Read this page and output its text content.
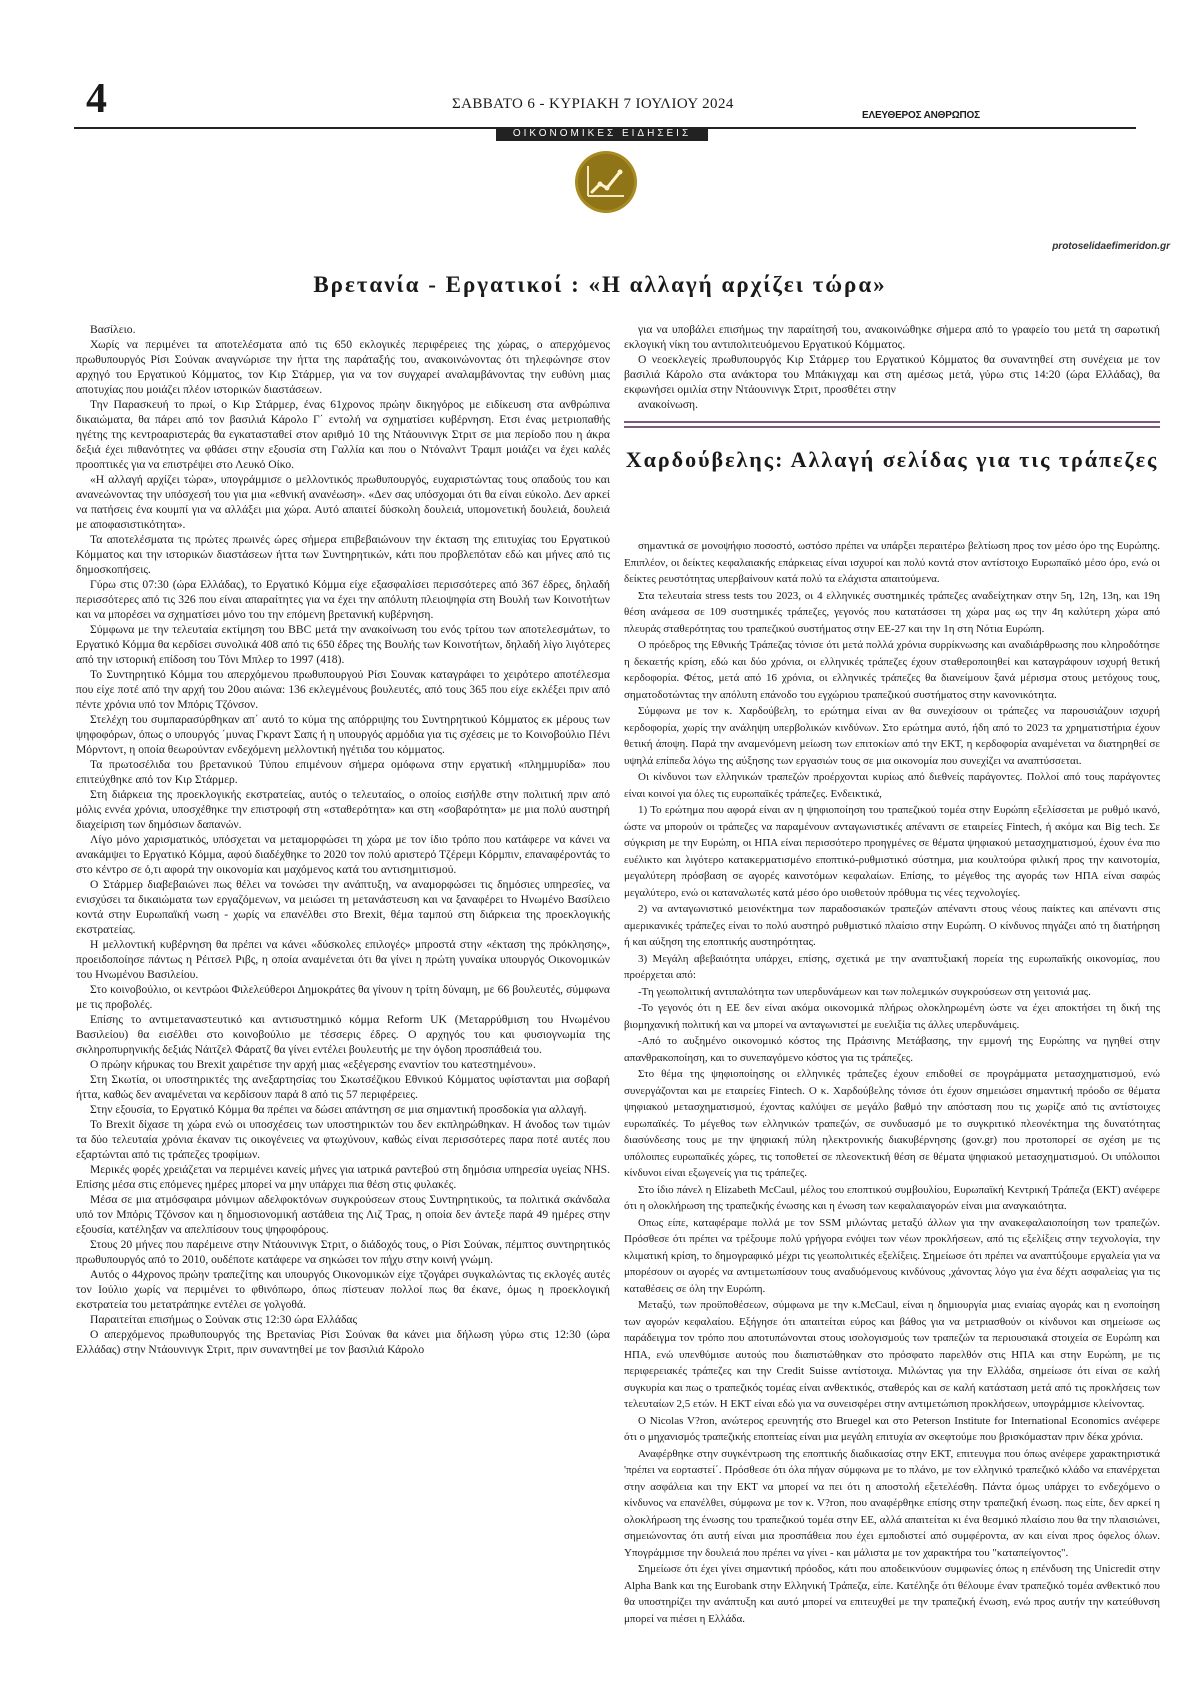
4	ΣΑΒΒΑΤΟ 6 - ΚΥΡΙΑΚΗ 7 ΙΟΥΛΙΟΥ 2024
ΕΛΕΥΘΕΡΟΣ ΑΝΘΡΩΠΟΣ
ΟΙΚΟΝΟΜΙΚΕΣ ΕΙΔΗΣΕΙΣ
protoselidaefimeridon.gr
Βρετανία - Εργατικοί : «Η αλλαγή αρχίζει τώρα»

Βασίλειο.

Χωρίς να περιμένει τα αποτελέσματα από τις 650 εκλογικές περιφέρειες της χώρας, ο απερχόμενος πρωθυπουργός Ρίσι Σούνακ αναγνώρισε την ήττα της παράταξής του, ανακοινώνοντας ότι τηλεφώνησε στον αρχηγό του Εργατικού Κόμματος, τον Κιρ Στάρμερ, για να τον συγχαρεί αναλαμβάνοντας την ευθύνη μιας αποτυχίας που μοιάζει πλέον ιστορικών διαστάσεων.

Την Παρασκευή το πρωί, ο Κιρ Στάρμερ, ένας 61χρονος πρώην δικηγόρος με ειδίκευση στα ανθρώπινα δικαιώματα, θα πάρει από τον βασιλιά Κάρολο Γ΄ εντολή να σχηματίσει κυβέρνηση. Ετσι ένας μετριοπαθής ηγέτης της κεντροαριστεράς θα εγκατασταθεί στον αριθμό 10 της Ντάουνινγκ Στριτ σε μια περίοδο που η άκρα δεξιά έχει πιθανότητες να φθάσει στην εξουσία στη Γαλλία και που ο Ντόναλντ Τραμπ μοιάζει να έχει καλές προοπτικές για να επιστρέψει στο Λευκό Οίκο.

«Η αλλαγή αρχίζει τώρα», υπογράμμισε ο μελλοντικός πρωθυπουργός, ευχαριστώντας τους οπαδούς του και ανανεώνοντας την υπόσχεσή του για μια «εθνική ανανέωση». «Δεν σας υπόσχομαι ότι θα είναι εύκολο. Δεν αρκεί να πατήσεις ένα κουμπί για να αλλάξει μια χώρα. Αυτό απαιτεί δύσκολη δουλειά, υπομονετική δουλειά, δουλειά με αποφασιστικότητα».

Τα αποτελέσματα τις πρώτες πρωινές ώρες σήμερα επιβεβαιώνουν την έκταση της επιτυχίας του Εργατικού Κόμματος και την ιστορικών διαστάσεων ήττα των Συντηρητικών, κάτι που προβλεπόταν εδώ και μήνες από τις δημοσκοπήσεις.

Γύρω στις 07:30 (ώρα Ελλάδας), το Εργατικό Κόμμα είχε εξασφαλίσει περισσότερες από 367 έδρες, δηλαδή περισσότερες από τις 326 που είναι απαραίτητες για να έχει την απόλυτη πλειοψηφία στη Βουλή των Κοινοτήτων και να μπορέσει να σχηματίσει μόνο του την επόμενη βρετανική κυβέρνηση.

Σύμφωνα με την τελευταία εκτίμηση του BBC μετά την ανακοίνωση του ενός τρίτου των αποτελεσμάτων, το Εργατικό Κόμμα θα κερδίσει συνολικά 408 από τις 650 έδρες της Βουλής των Κοινοτήτων, δηλαδή λίγο λιγότερες από την ιστορική επίδοση του Τόνι Μπλερ το 1997 (418).

Το Συντηρητικό Κόμμα του απερχόμενου πρωθυπουργού Ρίσι Σουνακ καταγράφει το χειρότερο αποτέλεσμα που είχε ποτέ από την αρχή του 20ου αιώνα: 136 εκλεγμένους βουλευτές, από τους 365 που είχε εκλέξει πριν από πέντε χρόνια υπό τον Μπόρις Τζόνσον.

Στελέχη του συμπαρασύρθηκαν απ΄ αυτό το κύμα της απόρριψης του Συντηρητικού Κόμματος εκ μέρους των ψηφοφόρων, όπως ο υπουργός ΄μυνας Γκραντ Σαπς ή η υπουργός αρμόδια για τις σχέσεις με το Κοινοβούλιο Πένι Μόρντοντ, η οποία θεωρούνταν ενδεχόμενη μελλοντική ηγέτιδα του κόμματος.

Τα πρωτοσέλιδα του βρετανικού Τύπου επιμένουν σήμερα ομόφωνα στην εργατική «πλημμυρίδα» που επιτεύχθηκε από τον Κιρ Στάρμερ.

Στη διάρκεια της προεκλογικής εκστρατείας, αυτός ο τελευταίος, ο οποίος εισήλθε στην πολιτική πριν από μόλις εννέα χρόνια, υποσχέθηκε την επιστροφή στη «σταθερότητα» και στη «σοβαρότητα» με μια πολύ αυστηρή διαχείριση των δημόσιων δαπανών.

Λίγο μόνο χαρισματικός, υπόσχεται να μεταμορφώσει τη χώρα με τον ίδιο τρόπο που κατάφερε να κάνει να ανακάμψει το Εργατικό Κόμμα, αφού διαδέχθηκε το 2020 τον πολύ αριστερό Τζέρεμι Κόρμπιν, επαναφέροντάς το στο κέντρο σε ό,τι αφορά την οικονομία και μαχόμενος κατά του αντισημιτισμού.

Ο Στάρμερ διαβεβαιώνει πως θέλει να τονώσει την ανάπτυξη, να αναμορφώσει τις δημόσιες υπηρεσίες, να ενισχύσει τα δικαιώματα των εργαζόμενων, να μειώσει τη μετανάστευση και να ξαναφέρει το Ηνωμένο Βασίλειο κοντά στην Ευρωπαϊκή νωση - χωρίς να επανέλθει στο Brexit, θέμα ταμπού στη διάρκεια της προεκλογικής εκστρατείας.

Η μελλοντική κυβέρνηση θα πρέπει να κάνει «δύσκολες επιλογές» μπροστά στην «έκταση της πρόκλησης», προειδοποίησε πάντως η Ρέιτσελ Ριβς, η οποία αναμένεται ότι θα γίνει η πρώτη γυναίκα υπουργός Οικονομικών του Ηνωμένου Βασιλείου.

Στο κοινοβούλιο, οι κεντρώοι Φιλελεύθεροι Δημοκράτες θα γίνουν η τρίτη δύναμη, με 66 βουλευτές, σύμφωνα με τις προβολές.

Επίσης το αντιμεταναστευτικό και αντισυστημικό κόμμα Reform UK (Μεταρρύθμιση του Ηνωμένου Βασιλείου) θα εισέλθει στο κοινοβούλιο με τέσσερις έδρες. Ο αρχηγός του και φυσιογνωμία της σκληροπυρηνικής δεξιάς Νάιτζελ Φάρατζ θα γίνει εντέλει βουλευτής με την όγδοη προσπάθειά του.

Ο πρώην κήρυκας του Brexit χαιρέτισε την αρχή μιας «εξέγερσης εναντίον του κατεστημένου».

Στη Σκωτία, οι υποστηρικτές της ανεξαρτησίας του Σκωτσέζικου Εθνικού Κόμματος υφίστανται μια σοβαρή ήττα, καθώς δεν αναμένεται να κερδίσουν παρά 8 από τις 57 περιφέρειες.

Στην εξουσία, το Εργατικό Κόμμα θα πρέπει να δώσει απάντηση σε μια σημαντική προσδοκία για αλλαγή.

Το Brexit δίχασε τη χώρα ενώ οι υποσχέσεις των υποστηρικτών του δεν εκπληρώθηκαν. Η άνοδος των τιμών τα δύο τελευταία χρόνια έκαναν τις οικογένειες να φτωχύνουν, καθώς είναι περισσότερες παρα ποτέ αυτές που εξαρτώνται από τις τράπεζες τροφίμων.

Μερικές φορές χρειάζεται να περιμένει κανείς μήνες για ιατρικά ραντεβού στη δημόσια υπηρεσία υγείας NHS. Επίσης μέσα στις επόμενες ημέρες μπορεί να μην υπάρχει πια θέση στις φυλακές.

Μέσα σε μια ατμόσφαιρα μόνιμων αδελφοκτόνων συγκρούσεων στους Συντηρητικούς, τα πολιτικά σκάνδαλα υπό τον Μπόρις Τζόνσον και η δημοσιονομική αστάθεια της Λιζ Τρας, η οποία δεν άντεξε παρά 49 ημέρες στην εξουσία, κατέληξαν να απελπίσουν τους ψηφοφόρους.

Στους 20 μήνες που παρέμεινε στην Ντάουνινγκ Στριτ, ο διάδοχός τους, ο Ρίσι Σούνακ, πέμπτος συντηρητικός πρωθυπουργός από το 2010, ουδέποτε κατάφερε να σηκώσει τον πήχυ στην κοινή γνώμη.

Αυτός ο 44χρονος πρώην τραπεζίτης και υπουργός Οικονομικών είχε τζογάρει συγκαλώντας τις εκλογές αυτές τον Ιούλιο χωρίς να περιμένει το φθινόπωρο, όπως πίστευαν πολλοί πως θα έκανε, όμως η προεκλογική εκστρατεία του μετατράπηκε εντέλει σε γολγοθά.

Παραιτείται επισήμως ο Σούνακ στις 12:30 ώρα Ελλάδας

Ο απερχόμενος πρωθυπουργός της Βρετανίας Ρίσι Σούνακ θα κάνει μια δήλωση γύρω στις 12:30 (ώρα Ελλάδας) στην Ντάουνινγκ Στριτ, πριν συναντηθεί με τον βασιλιά Κάρολο

για να υποβάλει επισήμως την παραίτησή του, ανακοινώθηκε σήμερα από το γραφείο του μετά τη σαρωτική εκλογική νίκη του αντιπολιτευόμενου Εργατικού Κόμματος.

Ο νεοεκλεγείς πρωθυπουργός Κιρ Στάρμερ του Εργατικού Κόμματος θα συναντηθεί στη συνέχεια με τον βασιλιά Κάρολο στα ανάκτορα του Μπάκιγχαμ και στη αμέσως μετά, γύρω στις 14:20 (ώρα Ελλάδας), θα εκφωνήσει ομιλία στην Ντάουνινγκ Στριτ, προσθέτει στην

ανακοίνωση.

Χαρδούβελης: Αλλαγή σελίδας για τις τράπεζες

σημαντικά σε μονοψήφιο ποσοστό, ωστόσο πρέπει να υπάρξει περαιτέρω βελτίωση προς τον μέσο όρο της Ευρώπης. Επιπλέον, οι δείκτες κεφαλαιακής επάρκειας είναι ισχυροί και πολύ κοντά στον αντίστοιχο Ευρωπαϊκό μέσο όρο, ενώ οι δείκτες ρευστότητας υπερβαίνουν κατά πολύ τα ελάχιστα απαιτούμενα.

Στα τελευταία stress tests του 2023, οι 4 ελληνικές συστημικές τράπεζες αναδείχτηκαν στην 5η, 12η, 13η, και 19η θέση ανάμεσα σε 109 συστημικές τράπεζες, γεγονός που κατατάσσει τη χώρα μας ως την 4η καλύτερη χώρα από πλευράς σταθερότητας του τραπεζικού συστήματος στην ΕΕ-27 και την 1η στη Νότια Ευρώπη.

Ο πρόεδρος της Εθνικής Τράπεζας τόνισε ότι μετά πολλά χρόνια συρρίκνωσης και αναδιάρθρωσης που κληροδότησε η δεκαετής κρίση, εδώ και δύο χρόνια, οι ελληνικές τράπεζες έχουν σταθεροποιηθεί και καταγράφουν ισχυρή θετική κερδοφορία. Φέτος, μετά από 16 χρόνια, οι ελληνικές τράπεζες θα διανείμουν ξανά μέρισμα στους μετόχους τους, σηματοδοτώντας την απόλυτη επάνοδο του εγχώριου τραπεζικού συστήματος στην κανονικότητα.

Σύμφωνα με τον κ. Χαρδούβελη, το ερώτημα είναι αν θα συνεχίσουν οι τράπεζες να παρουσιάζουν ισχυρή κερδοφορία, χωρίς την ανάληψη υπερβολικών κινδύνων. Στο ερώτημα αυτό, ήδη από το 2023 τα χρηματιστήρια έχουν θετική άποψη. Παρά την αναμενόμενη μείωση των επιτοκίων από την ΕΚΤ, η κερδοφορία αναμένεται να διατηρηθεί σε υψηλά επίπεδα λόγω της αύξησης των εργασιών τους σε μια οικονομία που συνεχίζει να αναπτύσσεται.

Οι κίνδυνοι των ελληνικών τραπεζών προέρχονται κυρίως από διεθνείς παράγοντες. Πολλοί από τους παράγοντες είναι κοινοί για όλες τις ευρωπαϊκές τράπεζες. Ενδεικτικά,

1) Το ερώτημα που αφορά είναι αν η ψηφιοποίηση του τραπεζικού τομέα στην Ευρώπη εξελίσσεται με ρυθμό ικανό, ώστε να μπορούν οι τράπεζες να παραμένουν ανταγωνιστικές απέναντι σε εταιρείες Fintech, ή ακόμα και Big tech. Σε σύγκριση με την Ευρώπη, οι ΗΠΑ είναι περισσότερο προηγμένες σε θέματα ψηφιακού μετασχηματισμού, έχουν ένα πιο ευέλικτο και λιγότερο κατακερματισμένο εποπτικό-ρυθμιστικό σύστημα, μια κουλτούρα φιλική προς την καινοτομία, μεγαλύτερη πρόσβαση σε αγορές καινοτόμων κεφαλαίων. Επίσης, το μέγεθος της αγοράς των ΗΠΑ είναι σαφώς μεγαλύτερο, ενώ οι καταναλωτές κατά μέσο όρο υιοθετούν πρόθυμα τις νέες τεχνολογίες.

2) να ανταγωνιστικό μειονέκτημα των παραδοσιακών τραπεζών απέναντι στους νέους παίκτες και απέναντι στις αμερικανικές τράπεζες είναι το πολύ αυστηρό ρυθμιστικό πλαίσιο στην Ευρώπη. Ο κίνδυνος πηγάζει από τη διατήρηση ή και αύξηση της εποπτικής αυστηρότητας.

3) Μεγάλη αβεβαιότητα υπάρχει, επίσης, σχετικά με την αναπτυξιακή πορεία της ευρωπαϊκής οικονομίας, που προέρχεται από:

-Τη γεωπολιτική αντιπαλότητα των υπερδυνάμεων και των πολεμικών συγκρούσεων στη γειτονιά μας.

-Το γεγονός ότι η ΕΕ δεν είναι ακόμα οικονομικά πλήρως ολοκληρωμένη ώστε να έχει αποκτήσει τη δική της βιομηχανική πολιτική και να μπορεί να ανταγωνιστεί με ευελιξία τις άλλες υπερδυνάμεις.

-Από το αυξημένο οικονομικό κόστος της Πράσινης Μετάβασης, την εμμονή της Ευρώπης να ηγηθεί στην απανθρακοποίηση, και το συνεπαγόμενο κόστος για τις τράπεζες.

Στο θέμα της ψηφιοποίησης οι ελληνικές τράπεζες έχουν επιδοθεί σε προγράμματα μετασχηματισμού, ενώ συνεργάζονται και με εταιρείες Fintech. Ο κ. Χαρδούβελης τόνισε ότι έχουν σημειώσει σημαντική πρόοδο σε θέματα ψηφιακού μετασχηματισμού, έχοντας καλύψει σε μεγάλο βαθμό την απόσταση που τις χωρίζε από τις αντίστοιχες ευρωπαϊκές. Το μέγεθος των ελληνικών τραπεζών, σε συνδυασμό με το συγκριτικό πλεονέκτημα της δυνατότητας διασύνδεσης τους με την ψηφιακή πύλη ηλεκτρονικής διακυβέρνησης (gov.gr) που προτοπορεί σε σχέση με τις υπόλοιπες ευρωπαϊκές χώρες, τις τοποθετεί σε πλεονεκτική θέση σε θέματα ψηφιακού μετασχηματισμού. Οι υπόλοιποι κίνδυνοι είναι εξωγενείς για τις τράπεζες.

Στο ίδιο πάνελ η Elizabeth McCaul, μέλος του εποπτικού συμβουλίου, Ευρωπαϊκή Κεντρική Τράπεζα (ΕΚΤ) ανέφερε ότι η ολοκλήρωση της τραπεζικής ένωσης και η ένωση των κεφαλαιαγορών είναι μια αναγκαιότητα.

Οπως είπε, καταφέραμε πολλά με τον SSM μιλώντας μεταξύ άλλων για την ανακεφαλαιοποίηση των τραπεζών. Πρόσθεσε ότι πρέπει να τρέξουμε πολύ γρήγορα ενόψει των νέων προκλήσεων, από τις εξελίξεις στην τεχνολογία, την κλιματική κρίση, το δημογραφικό μέχρι τις γεωπολιτικές εξελίξεις. Σημείωσε ότι πρέπει να αναπτύξουμε εργαλεία για να μπορέσουν οι αγορές να αντιμετωπίσουν τους αναδυόμενους κινδύνους ,χάνοντας λόγο για ένα δέχτι ασφαλείας για τις καταθέσεις σε όλη την Ευρώπη.

Μεταξύ, των προϋποθέσεων, σύμφωνα με την κ.McCaul, είναι η δημιουργία μιας ενιαίας αγοράς και η ενοποίηση των αγορών κεφαλαίου. Εξήγησε ότι απαιτείται εύρος και βάθος για να μετριασθούν οι κίνδυνοι και σημείωσε ως παράδειγμα τον τρόπο που αποτυπώνονται στους ισολογισμούς των τραπεζών τα περιουσιακά στοιχεία σε Ευρώπη και ΗΠΑ, ενώ υπενθύμισε αυτούς που διαπιστώθηκαν στο πρόσφατο παρελθόν στις ΗΠΑ και στην Ευρώπη, με τις περιφερειακές τράπεζες και την Credit Suisse αντίστοιχα. Μιλώντας για την Ελλάδα, σημείωσε ότι είναι σε καλή συγκυρία και πως ο τραπεζικός τομέας είναι ανθεκτικός, σταθερός και σε καλή κατάσταση μετά από τις προκλήσεις των τελευταίων 2,5 ετών. Η ΕΚΤ είναι εδώ για να συνεισφέρει στην αντιμετώπιση προκλήσεων, υπογράμμισε κλείνοντας.

Ο Nicolas V?ron, ανώτερος ερευνητής στο Bruegel και στο Peterson Institute for International Economics ανέφερε ότι ο μηχανισμός τραπεζικής εποπτείας είναι μια μεγάλη επιτυχία αν σκεφτούμε που βρισκόμασταν πριν δέκα χρόνια.

Αναφέρθηκε στην συγκέντρωση της εποπτικής διαδικασίας στην ΕΚΤ, επιτευγμα που όπως ανέφερε χαρακτηριστικά 'πρέπει να εορταστεί΄. Πρόσθεσε ότι όλα πήγαν σύμφωνα με το πλάνο, με τον ελληνικό τραπεζικό κλάδο να επανέρχεται στην ασφάλεια και την ΕΚΤ να μπορεί να πει ότι η αποστολή εξετελέσθη. Πάντα όμως υπάρχει το ενδεχόμενο ο κίνδυνος να επανέλθει, σύμφωνα με τον κ. V?ron, που αναφέρθηκε επίσης στην τραπεζική ένωση. πως είπε, δεν αρκεί η ολοκλήρωση της ένωσης του τραπεζικού τομέα στην ΕΕ, αλλά απαιτείται κι ένα θεσμικό πλαίσιο που θα την πλαισιώνει, σημειώνοντας ότι αυτή είναι μια προσπάθεια που έχει εμποδιστεί από συμφέροντα, αν και είναι προς όφελος όλων. Υπογράμμισε την δουλειά που πρέπει να γίνει - και μάλιστα με τον χαρακτήρα του "καταπείγοντος".

Σημείωσε ότι έχει γίνει σημαντική πρόοδος, κάτι που αποδεικνύουν συμφωνίες όπως η επένδυση της Unicredit στην Alpha Bank και της Eurobank στην Ελληνική Τράπεζα, είπε. Κατέληξε ότι θέλουμε έναν τραπεζικό τομέα ανθεκτικό που θα υποστηρίζει την ανάπτυξη και αυτό μπορεί να επιτευχθεί με την τραπεζική ένωση, ενώ προς αυτήν την κατεύθυνση μπορεί να πιέσει η Ελλάδα.
